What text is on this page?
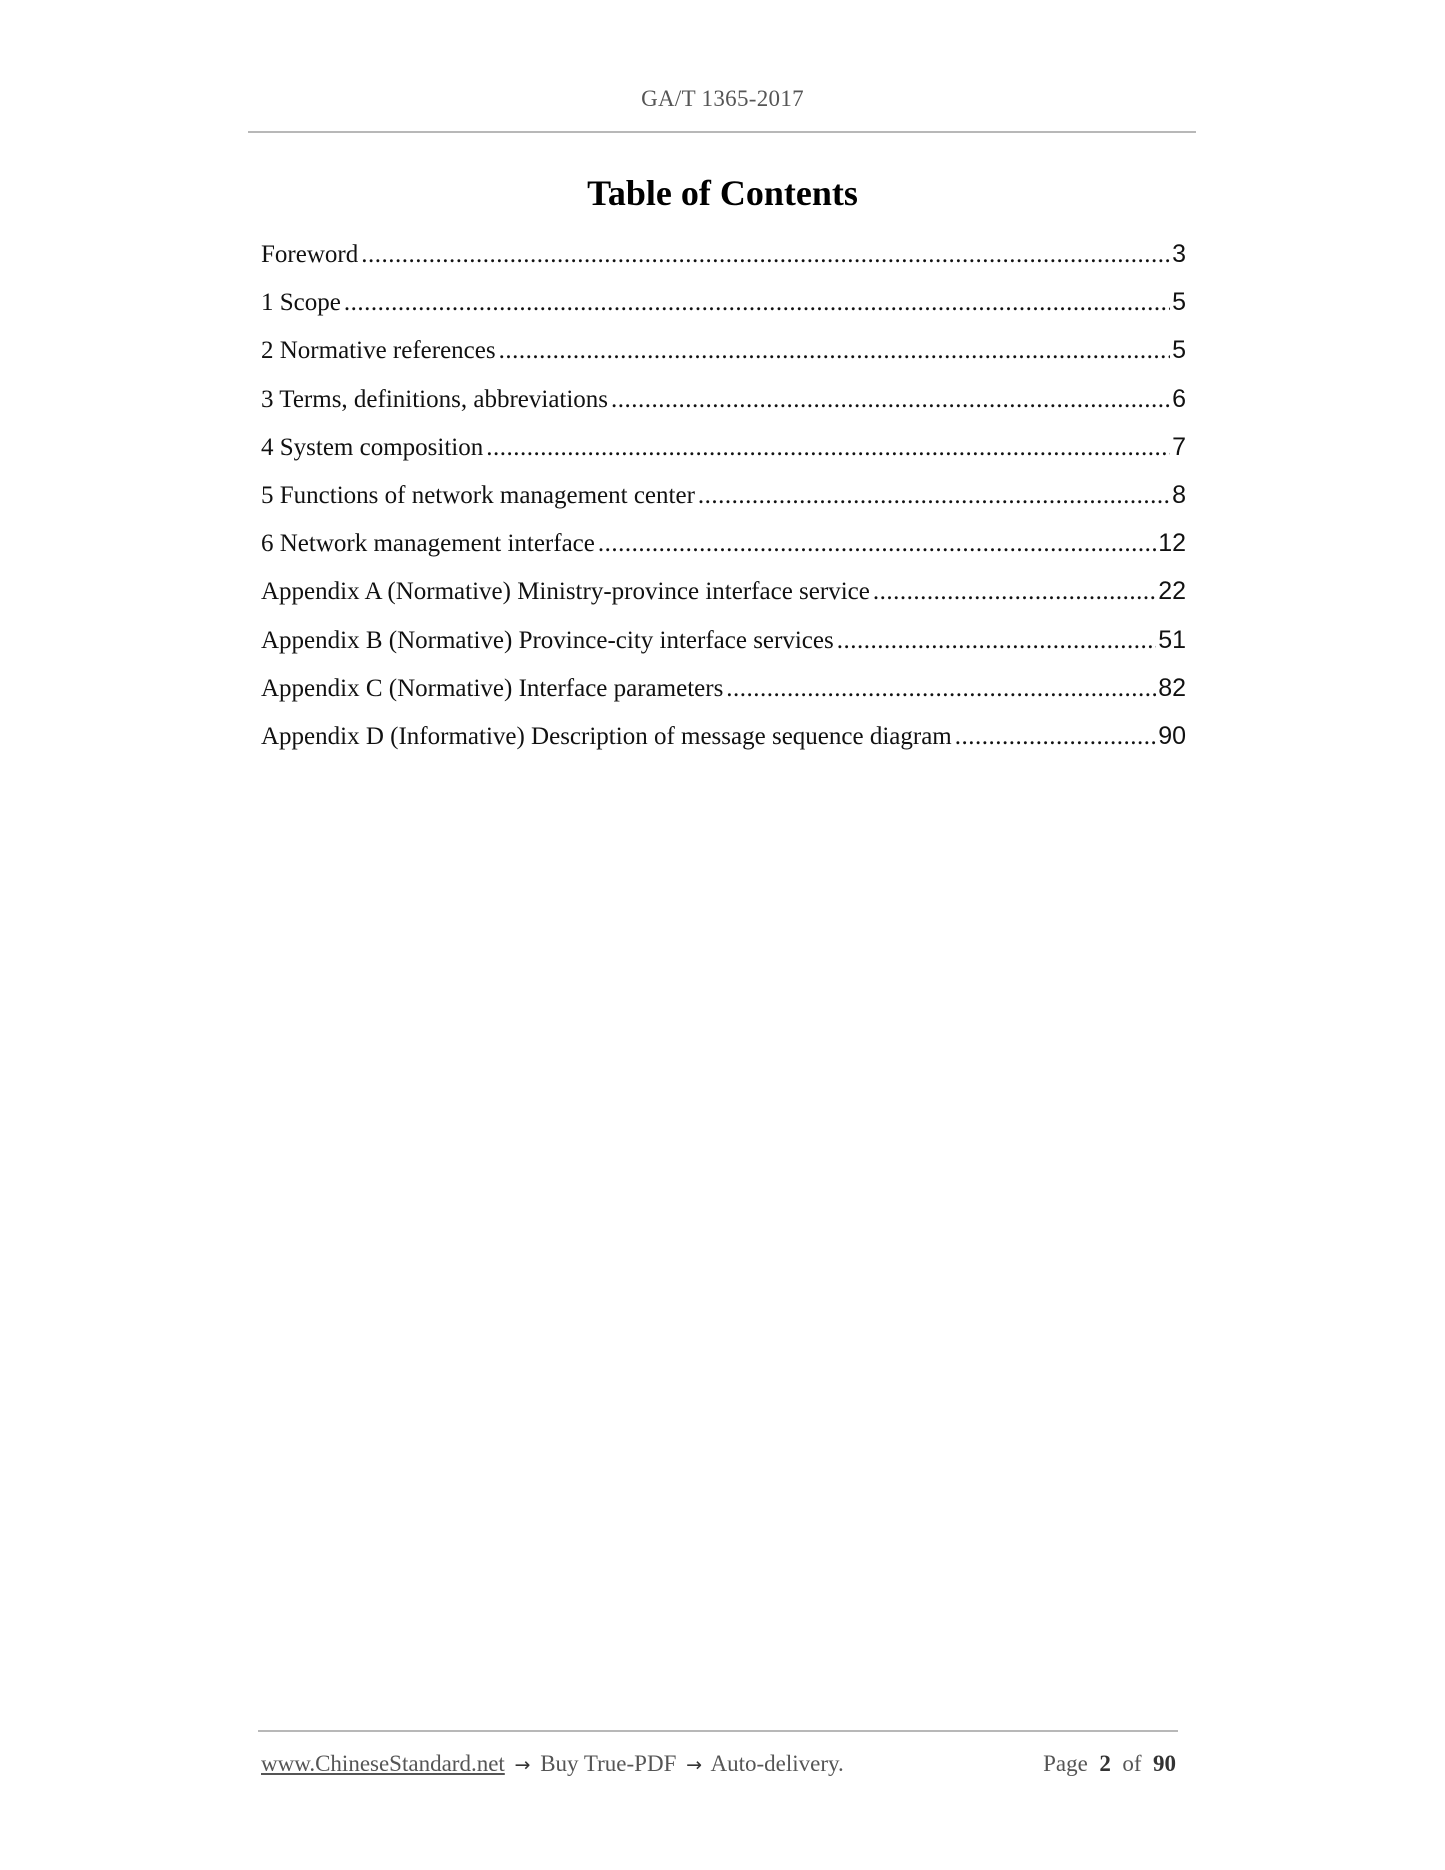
GA/T 1365-2017
Table of Contents
Foreword .....	3
1 Scope .....	5
2 Normative references .....	5
3 Terms, definitions, abbreviations .....	6
4 System composition .....	7
5 Functions of network management center .....	8
6 Network management interface .....	12
Appendix A (Normative) Ministry-province interface service .....	22
Appendix B (Normative) Province-city interface services .....	51
Appendix C (Normative) Interface parameters .....	82
Appendix D (Informative) Description of message sequence diagram .....	90
www.ChineseStandard.net → Buy True-PDF → Auto-delivery.	Page 2 of 90
